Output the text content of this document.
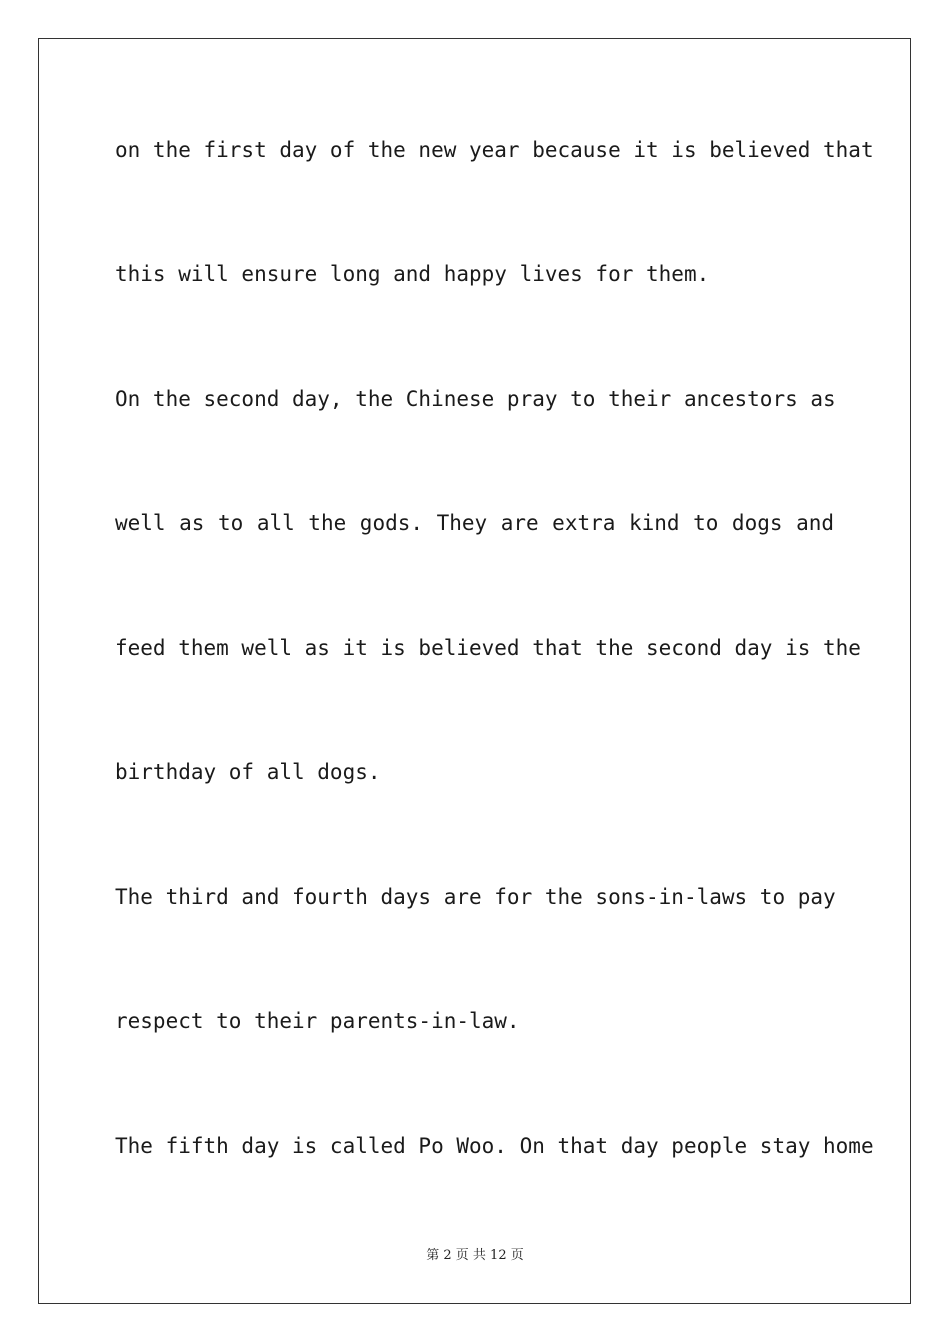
on the first day of the new year because it is believed that
this will ensure long and happy lives for them.
On the second day, the Chinese pray to their ancestors as
well as to all the gods. They are extra kind to dogs and
feed them well as it is believed that the second day is the
birthday of all dogs.
The third and fourth days are for the sons-in-laws to pay
respect to their parents-in-law.
The fifth day is called Po Woo. On that day people stay home
第 2 页 共 12 页
